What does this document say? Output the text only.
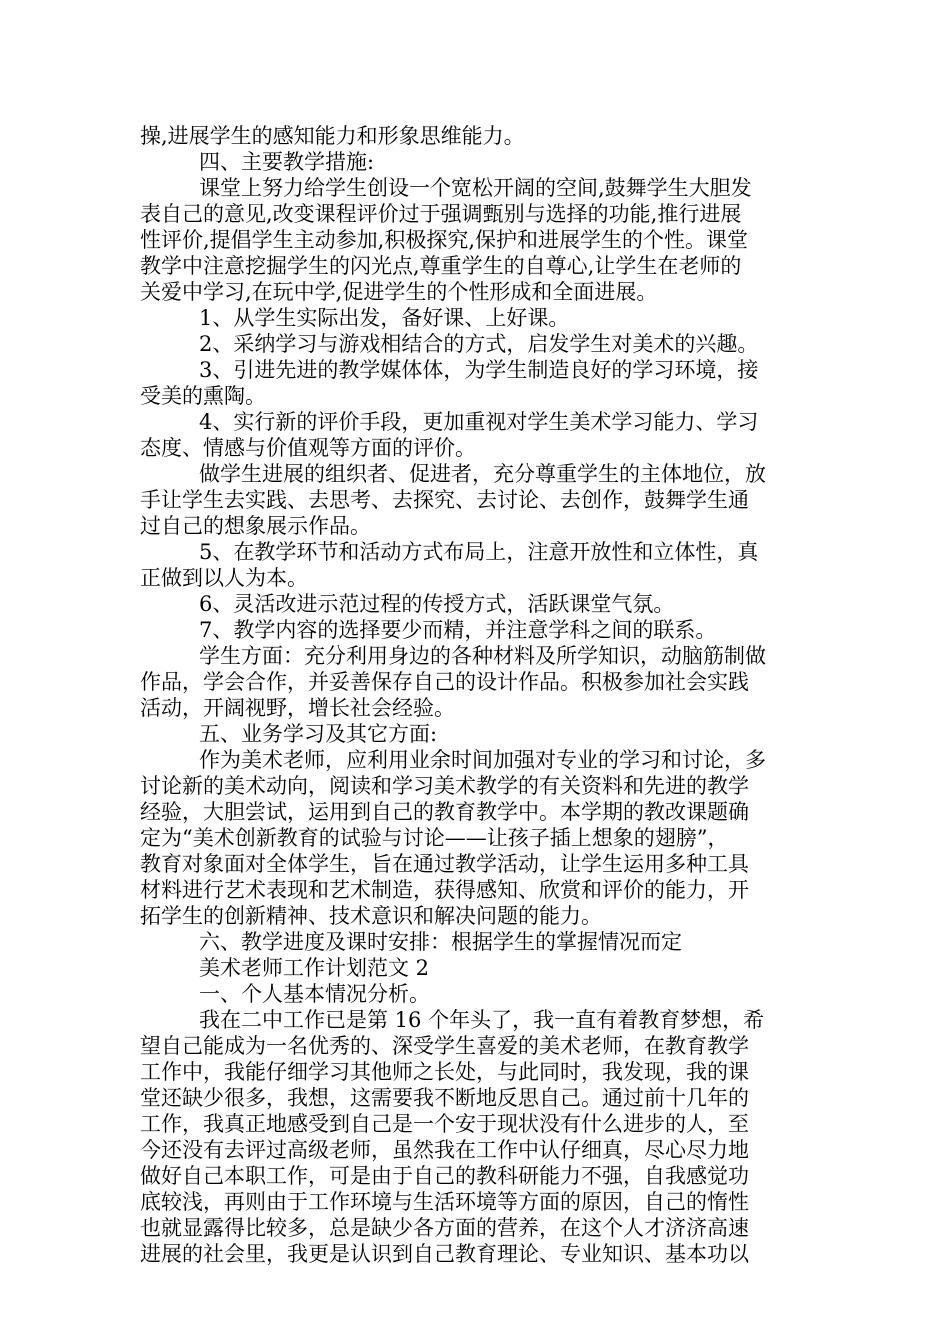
操,进展学生的感知能力和形象思维能力。
四、主要教学措施:
课堂上努力给学生创设一个宽松开阔的空间,鼓舞学生大胆发
表自己的意见,改变课程评价过于强调甄别与选择的功能,推行进展
性评价,提倡学生主动参加,积极探究,保护和进展学生的个性。课堂
教学中注意挖掘学生的闪光点,尊重学生的自尊心,让学生在老师的
关爱中学习,在玩中学,促进学生的个性形成和全面进展。
1、从学生实际出发，备好课、上好课。
2、采纳学习与游戏相结合的方式，启发学生对美术的兴趣。
3、引进先进的教学媒体体，为学生制造良好的学习环境，接
受美的熏陶。
4、实行新的评价手段，更加重视对学生美术学习能力、学习
态度、情感与价值观等方面的评价。
做学生进展的组织者、促进者，充分尊重学生的主体地位，放
手让学生去实践、去思考、去探究、去讨论、去创作，鼓舞学生通
过自己的想象展示作品。
5、在教学环节和活动方式布局上，注意开放性和立体性，真
正做到以人为本。
6、灵活改进示范过程的传授方式，活跃课堂气氛。
7、教学内容的选择要少而精，并注意学科之间的联系。
学生方面：充分利用身边的各种材料及所学知识，动脑筋制做
作品，学会合作，并妥善保存自己的设计作品。积极参加社会实践
活动，开阔视野，增长社会经验。
五、业务学习及其它方面:
作为美术老师，应利用业余时间加强对专业的学习和讨论，多
讨论新的美术动向，阅读和学习美术教学的有关资料和先进的教学
经验，大胆尝试，运用到自己的教育教学中。本学期的教改课题确
定为“美术创新教育的试验与讨论——让孩子插上想象的翅膀”，
教育对象面对全体学生，旨在通过教学活动，让学生运用多种工具
材料进行艺术表现和艺术制造，获得感知、欣赏和评价的能力，开
拓学生的创新精神、技术意识和解决问题的能力。
六、教学进度及课时安排：根据学生的掌握情况而定
美术老师工作计划范文 2
一、个人基本情况分析。
我在二中工作已是第 16 个年头了，我一直有着教育梦想，希
望自己能成为一名优秀的、深受学生喜爱的美术老师，在教育教学
工作中，我能仔细学习其他师之长处，与此同时，我发现，我的课
堂还缺少很多，我想，这需要我不断地反思自己。通过前十几年的
工作，我真正地感受到自己是一个安于现状没有什么进步的人，至
今还没有去评过高级老师，虽然我在工作中认仔细真，尽心尽力地
做好自己本职工作，可是由于自己的教科研能力不强，自我感觉功
底较浅，再则由于工作环境与生活环境等方面的原因，自己的惰性
也就显露得比较多，总是缺少各方面的营养，在这个人才济济高速
进展的社会里，我更是认识到自己教育理论、专业知识、基本功以
